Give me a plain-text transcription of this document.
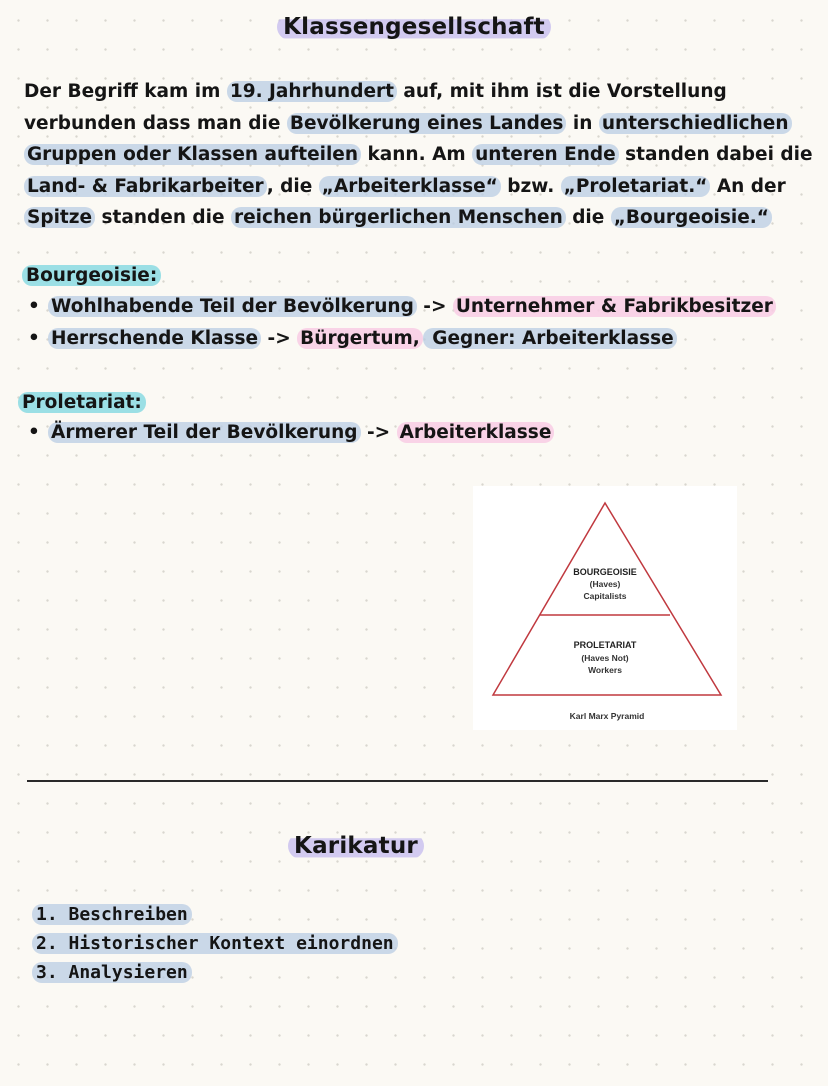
Klassengesellschaft
Der Begriff kam im 19. Jahrhundert auf, mit ihm ist die Vorstellung
verbunden dass man die Bevölkerung eines Landes in unterschiedlichen
Gruppen oder Klassen aufteilen kann. Am unteren Ende standen dabei die
Land- & Fabrikarbeiter , die „Arbeiterklasse“ bzw. „Proletariat.“ An der
Spitze standen die reichen bürgerlichen Menschen die „Bourgeoisie.“
Bourgeoisie:
• Wohlhabende Teil der Bevölkerung -> Unternehmer & Fabrikbesitzer
• Herrschende Klasse -> Bürgertum, Gegner: Arbeiterklasse
Proletariat:
• Ärmerer Teil der Bevölkerung -> Arbeiterklasse
BOURGEOISIE
(Haves)
Capitalists
PROLETARIAT
(Haves Not)
Workers
Karl Marx Pyramid
Karikatur
1. Beschreiben
2. Historischer Kontext einordnen
3. Analysieren
